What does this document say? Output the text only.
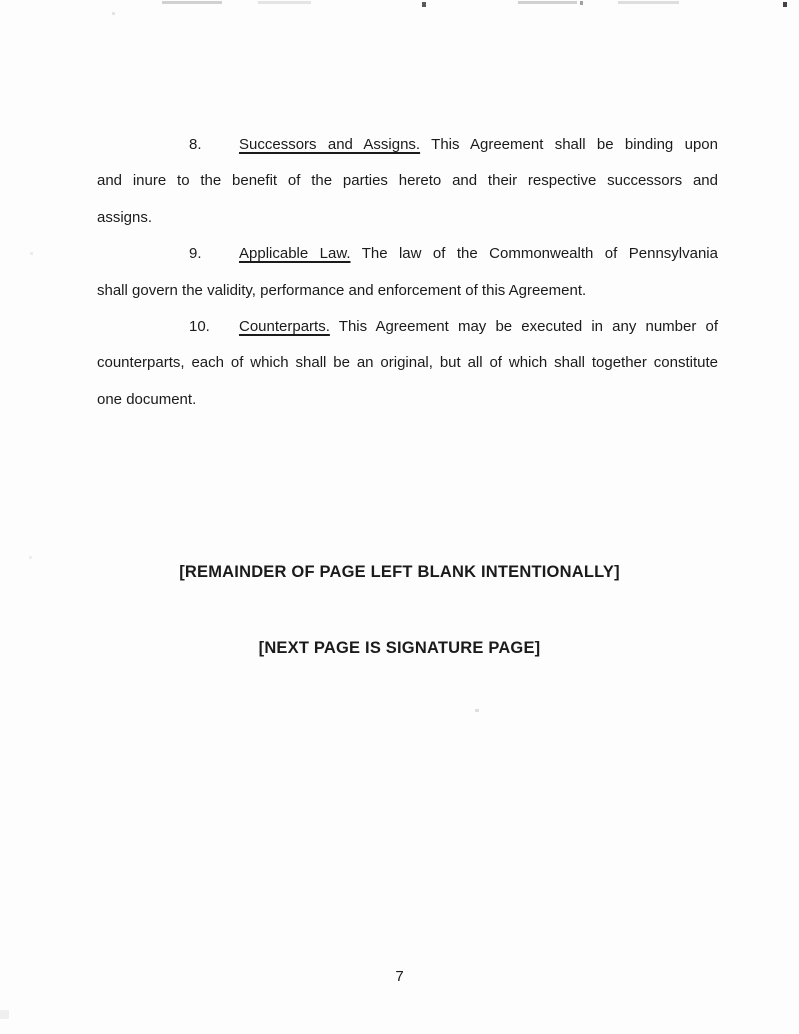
8. Successors and Assigns. This Agreement shall be binding upon
and inure to the benefit of the parties hereto and their respective successors and
assigns.
9. Applicable Law. The law of the Commonwealth of Pennsylvania
shall govern the validity, performance and enforcement of this Agreement.
10. Counterparts. This Agreement may be executed in any number of
counterparts, each of which shall be an original, but all of which shall together constitute
one document.
[REMAINDER OF PAGE LEFT BLANK INTENTIONALLY]
[NEXT PAGE IS SIGNATURE PAGE]
7
